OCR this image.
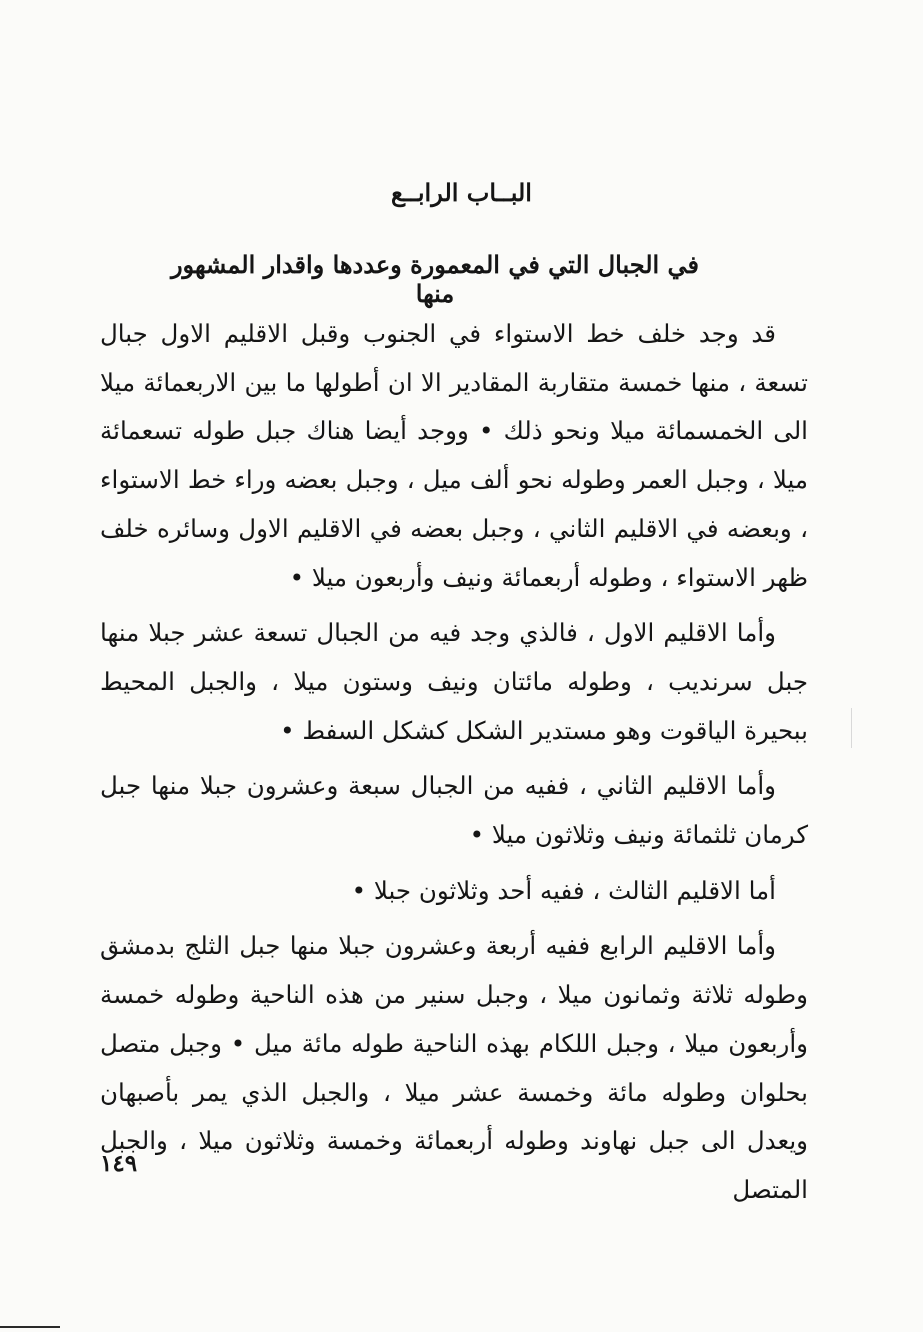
البــاب الرابــع
في الجبال التي في المعمورة وعددها واقدار المشهور منها

قد وجد خلف خط الاستواء في الجنوب وقبل الاقليم الاول جبال تسعة ، منها خمسة متقاربة المقادير الا ان أطولها ما بين الاربعمائة ميلا الى الخمسمائة ميلا ونحو ذلك • ووجد أيضا هناك جبل طوله تسعمائة ميلا ، وجبل العمر وطوله نحو ألف ميل ، وجبل بعضه وراء خط الاستواء ، وبعضه في الاقليم الثاني ، وجبل بعضه في الاقليم الاول وسائره خلف ظهر الاستواء ، وطوله أربعمائة ونيف وأربعون ميلا •

وأما الاقليم الاول ، فالذي وجد فيه من الجبال تسعة عشر جبلا منها جبل سرنديب ، وطوله مائتان ونيف وستون ميلا ، والجبل المحيط ببحيرة الياقوت وهو مستدير الشكل كشكل السفط •

وأما الاقليم الثاني ، ففيه من الجبال سبعة وعشرون جبلا منها جبل كرمان ثلثمائة ونيف وثلاثون ميلا •

أما الاقليم الثالث ، ففيه أحد وثلاثون جبلا •

وأما الاقليم الرابع ففيه أربعة وعشرون جبلا منها جبل الثلج بدمشق وطوله ثلاثة وثمانون ميلا ، وجبل سنير من هذه الناحية وطوله خمسة وأربعون ميلا ، وجبل اللكام بهذه الناحية طوله مائة ميل • وجبل متصل بحلوان وطوله مائة وخمسة عشر ميلا ، والجبل الذي يمر بأصبهان ويعدل الى جبل نهاوند وطوله أربعمائة وخمسة وثلاثون ميلا ، والجبل المتصل

١٤٩
